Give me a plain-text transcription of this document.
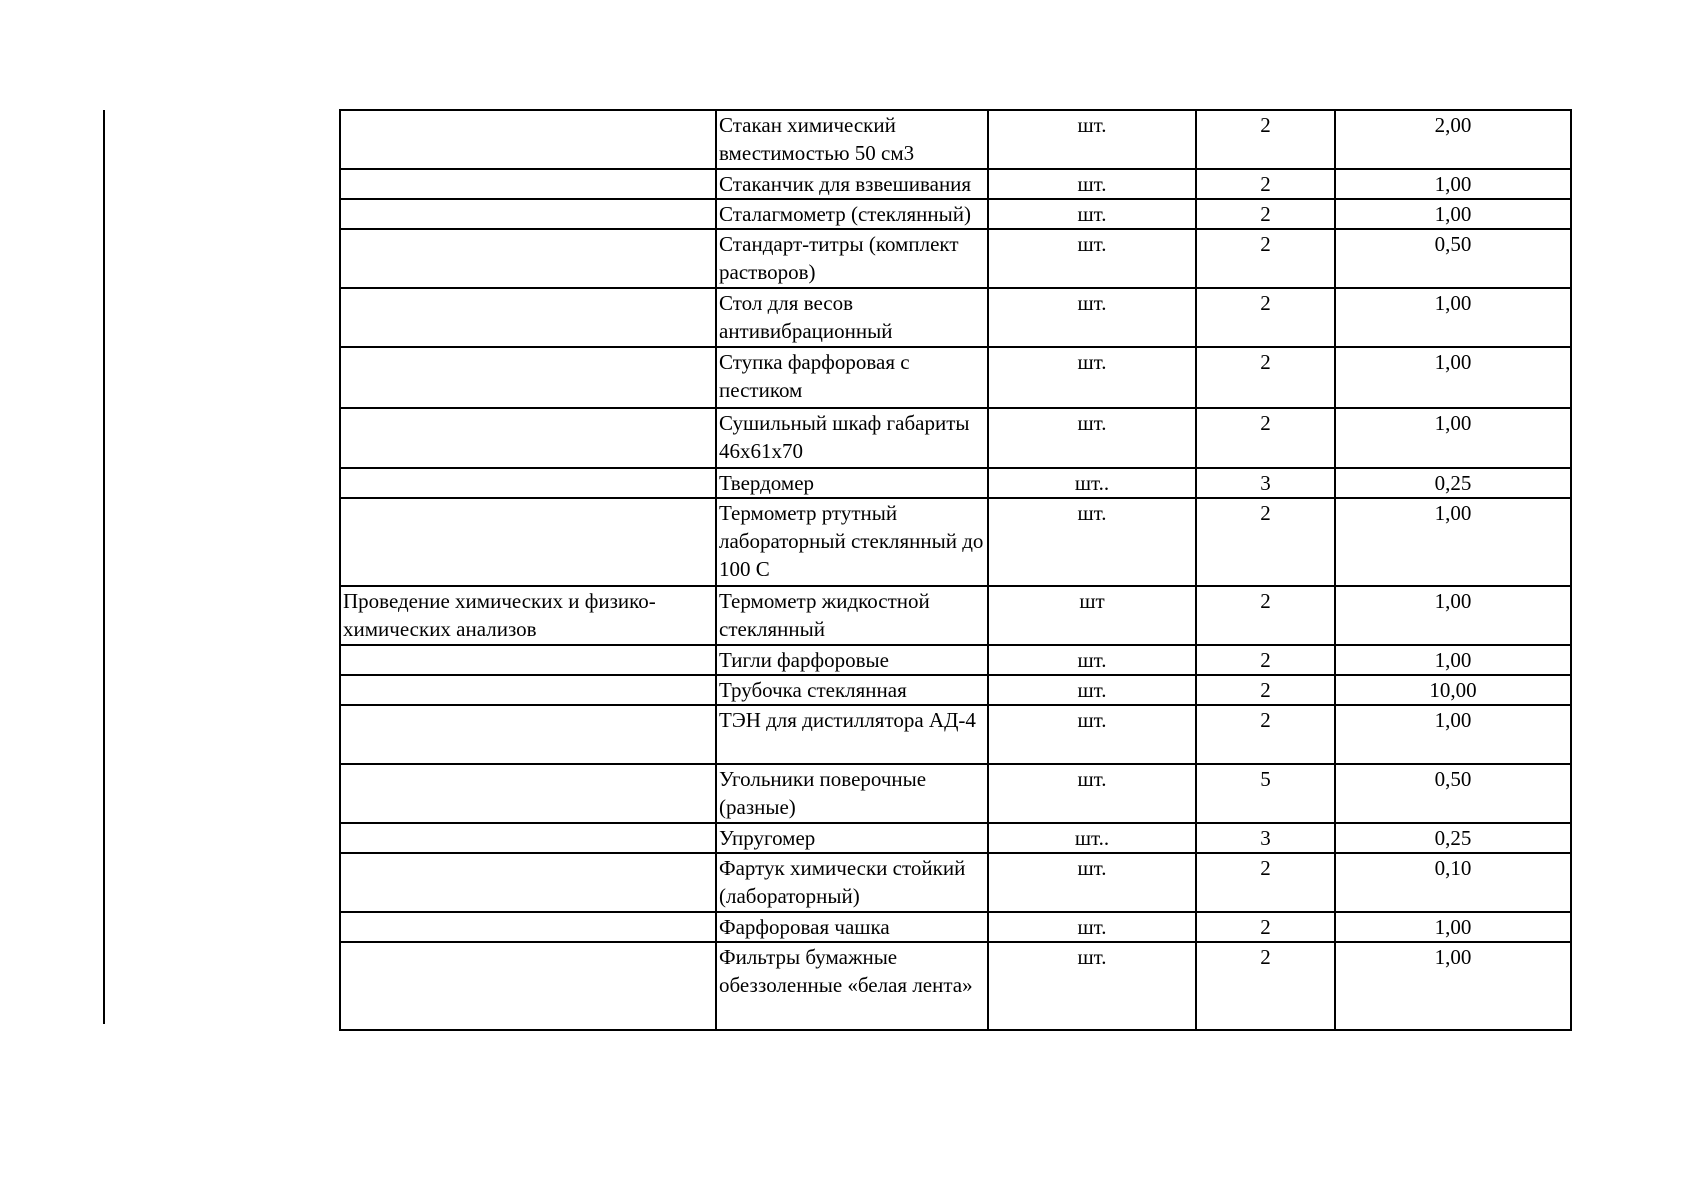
	Стакан химический вместимостью 50 см3	шт.	2	2,00
	Стаканчик для взвешивания	шт.	2	1,00
	Сталагмометр (стеклянный)	шт.	2	1,00
	Стандарт-титры (комплект растворов)	шт.	2	0,50
	Стол для весов антивибрационный	шт.	2	1,00
	Ступка фарфоровая с пестиком	шт.	2	1,00
	Сушильный шкаф габариты 46х61х70	шт.	2	1,00
	Твердомер	шт..	3	0,25
	Термометр ртутный лабораторный стеклянный до 100 С	шт.	2	1,00
Проведение химических и физико-химических анализов	Термометр жидкостной стеклянный	шт	2	1,00
	Тигли фарфоровые	шт.	2	1,00
	Трубочка стеклянная	шт.	2	10,00
	ТЭН для дистиллятора АД-4	шт.	2	1,00
	Угольники поверочные (разные)	шт.	5	0,50
	Упругомер	шт..	3	0,25
	Фартук химически стойкий (лабораторный)	шт.	2	0,10
	Фарфоровая чашка	шт.	2	1,00
	Фильтры бумажные обеззоленные «белая лента»	шт.	2	1,00
